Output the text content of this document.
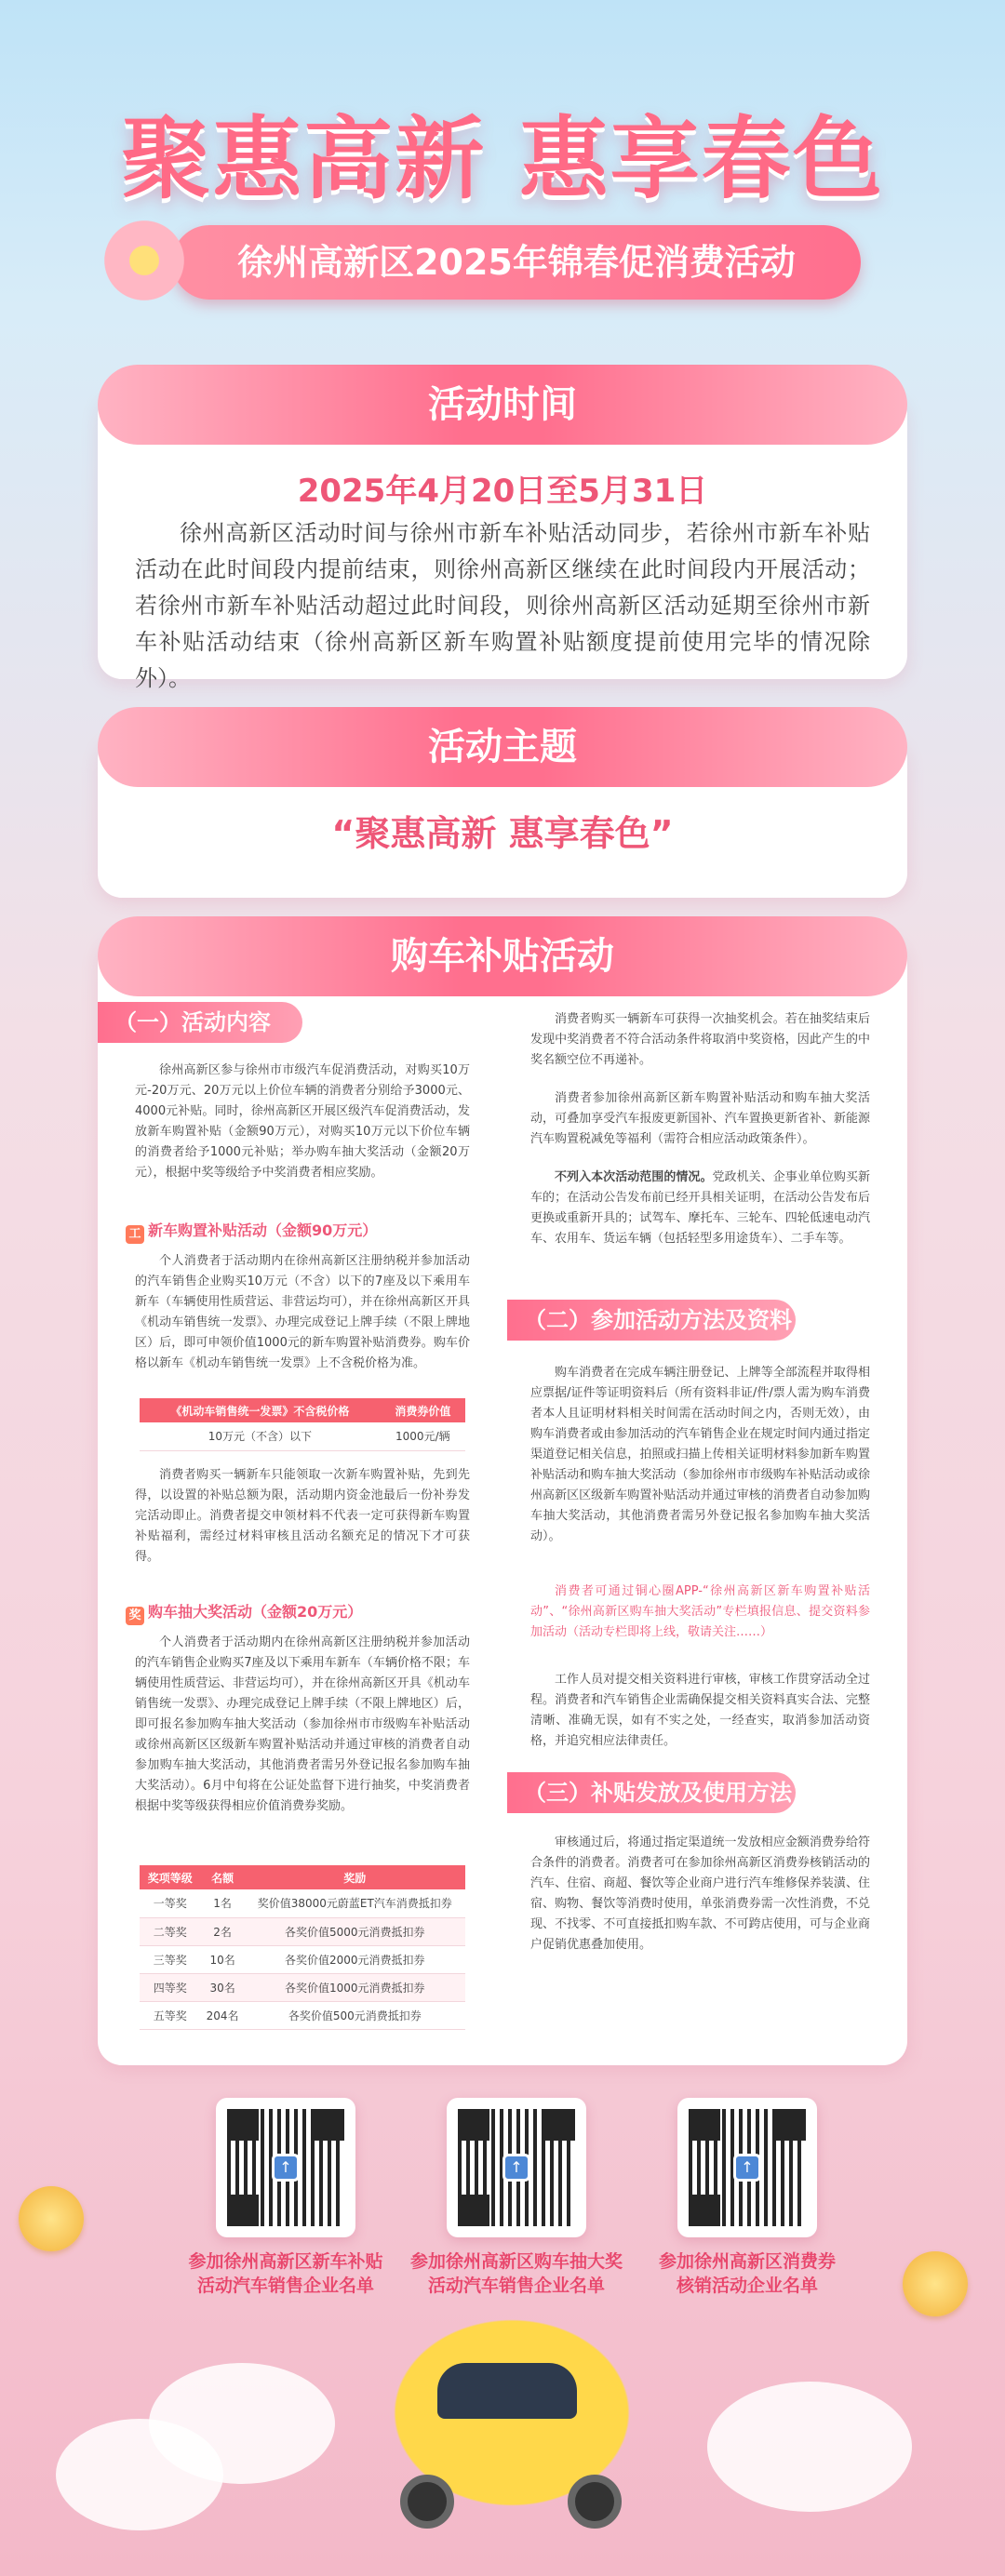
聚惠高新 惠享春色
徐州高新区2025年锦春促消费活动
2025年4月20日至5月31日
徐州高新区活动时间与徐州市新车补贴活动同步，若徐州市新车补贴活动在此时间段内提前结束，则徐州高新区继续在此时间段内开展活动；若徐州市新车补贴活动超过此时间段，则徐州高新区活动延期至徐州市新车补贴活动结束（徐州高新区新车购置补贴额度提前使用完毕的情况除外）。
活动时间
“聚惠高新 惠享春色”
活动主题
（一）活动内容
徐州高新区参与徐州市市级汽车促消费活动，对购买10万元-20万元、20万元以上价位车辆的消费者分别给予3000元、4000元补贴。同时，徐州高新区开展区级汽车促消费活动，发放新车购置补贴（金额90万元），对购买10万元以下价位车辆的消费者给予1000元补贴；举办购车抽大奖活动（金额20万元），根据中奖等级给予中奖消费者相应奖励。
工 新车购置补贴活动（金额90万元）
个人消费者于活动期内在徐州高新区注册纳税并参加活动的汽车销售企业购买10万元（不含）以下的7座及以下乘用车新车（车辆使用性质营运、非营运均可），并在徐州高新区开具《机动车销售统一发票》、办理完成登记上牌手续（不限上牌地区）后，即可申领价值1000元的新车购置补贴消费券。购车价格以新车《机动车销售统一发票》上不含税价格为准。
《机动车销售统一发票》不含税价格	消费券价值
10万元（不含）以下	1000元/辆
消费者购买一辆新车只能领取一次新车购置补贴，先到先得，以设置的补贴总额为限，活动期内资金池最后一份补券发完活动即止。消费者提交申领材料不代表一定可获得新车购置补贴福利，需经过材料审核且活动名额充足的情况下才可获得。
奖 购车抽大奖活动（金额20万元）
个人消费者于活动期内在徐州高新区注册纳税并参加活动的汽车销售企业购买7座及以下乘用车新车（车辆价格不限；车辆使用性质营运、非营运均可），并在徐州高新区开具《机动车销售统一发票》、办理完成登记上牌手续（不限上牌地区）后，即可报名参加购车抽大奖活动（参加徐州市市级购车补贴活动或徐州高新区区级新车购置补贴活动并通过审核的消费者自动参加购车抽大奖活动，其他消费者需另外登记报名参加购车抽大奖活动）。6月中旬将在公证处监督下进行抽奖，中奖消费者根据中奖等级获得相应价值消费券奖励。
奖项等级	名额	奖励
一等奖	1名	奖价值38000元蔚蓝ET汽车消费抵扣券
二等奖	2名	各奖价值5000元消费抵扣券
三等奖	10名	各奖价值2000元消费抵扣券
四等奖	30名	各奖价值1000元消费抵扣券
五等奖	204名	各奖价值500元消费抵扣券
消费者购买一辆新车可获得一次抽奖机会。若在抽奖结束后发现中奖消费者不符合活动条件将取消中奖资格，因此产生的中奖名额空位不再递补。
消费者参加徐州高新区新车购置补贴活动和购车抽大奖活动，可叠加享受汽车报废更新国补、汽车置换更新省补、新能源汽车购置税减免等福利（需符合相应活动政策条件）。
不列入本次活动范围的情况。党政机关、企事业单位购买新车的；在活动公告发布前已经开具相关证明，在活动公告发布后更换或重新开具的；试驾车、摩托车、三轮车、四轮低速电动汽车、农用车、货运车辆（包括轻型多用途货车）、二手车等。
（二）参加活动方法及资料
购车消费者在完成车辆注册登记、上牌等全部流程并取得相应票据/证件等证明资料后（所有资料非证/件/票人需为购车消费者本人且证明材料相关时间需在活动时间之内，否则无效），由购车消费者或由参加活动的汽车销售企业在规定时间内通过指定渠道登记相关信息，拍照或扫描上传相关证明材料参加新车购置补贴活动和购车抽大奖活动（参加徐州市市级购车补贴活动或徐州高新区区级新车购置补贴活动并通过审核的消费者自动参加购车抽大奖活动，其他消费者需另外登记报名参加购车抽大奖活动）。
消费者可通过铜心圈APP-“徐州高新区新车购置补贴活动”、“徐州高新区购车抽大奖活动”专栏填报信息、提交资料参加活动（活动专栏即将上线，敬请关注……）
工作人员对提交相关资料进行审核，审核工作贯穿活动全过程。消费者和汽车销售企业需确保提交相关资料真实合法、完整清晰、准确无误，如有不实之处，一经查实，取消参加活动资格，并追究相应法律责任。
（三）补贴发放及使用方法
审核通过后，将通过指定渠道统一发放相应金额消费券给符合条件的消费者。消费者可在参加徐州高新区消费券核销活动的汽车、住宿、商超、餐饮等企业商户进行汽车维修保养装潢、住宿、购物、餐饮等消费时使用，单张消费券需一次性消费，不兑现、不找零、不可直接抵扣购车款、不可跨店使用，可与企业商户促销优惠叠加使用。
购车补贴活动
↑
参加徐州高新区新车补贴
活动汽车销售企业名单
↑
参加徐州高新区购车抽大奖
活动汽车销售企业名单
↑
参加徐州高新区消费券
核销活动企业名单
